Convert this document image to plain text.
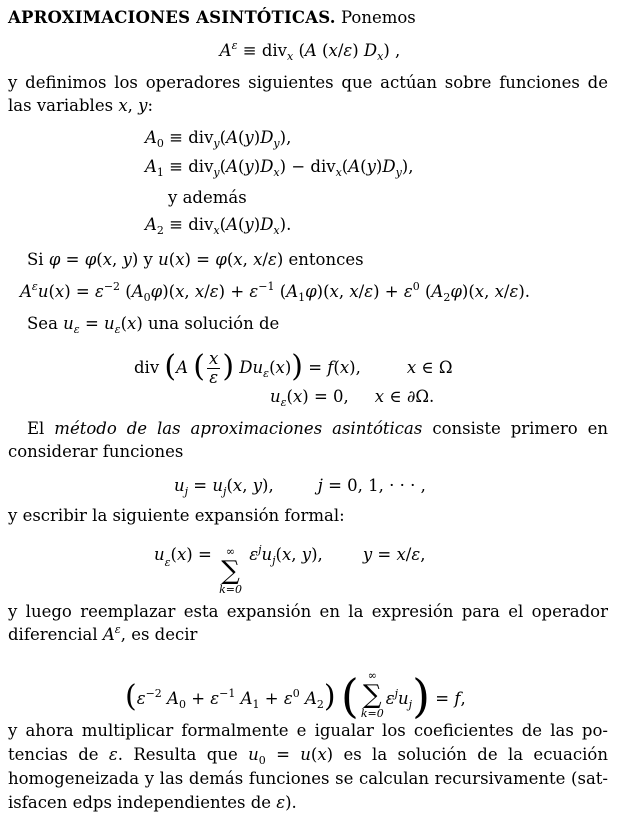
APROXIMACIONES ASINTÓTICAS. Ponemos
$A^\varepsilon \equiv div_x$ (A (x/ε) $D_x$) ,
y definimos los operadores siguientes que actúan sobre funciones de
las variables x, y:
$A_0 \equiv div_y(A(y)D_y)$,
$A_1 \equiv div_y(A(y)D_x) - div_x(A(y)D_y)$,
y además
$A_2 \equiv div_x(A(y)D_x)$.
Si φ = φ(x, y) y u(x) = φ(x, x/ε) entonces
$A^\varepsilon u(x) = \varepsilon^{-2}$ $(A_0\varphi)(x$, $x/\varepsilon) + \varepsilon^{-1}$ $(A_1\varphi)(x$, $x/\varepsilon) + \varepsilon^0$ $(A_2\varphi)(x$, x/ε).
Sea $u_\varepsilon = u_\varepsilon(x)$ una solución de
div (A ( $\frac{x}{\varepsilon}$ ) $Du_\varepsilon(x)) = f(x)$,	x ∈ Ω
$u_\varepsilon(x) = 0$, x ∈ ∂Ω.
El método de las aproximaciones asintóticas consiste primero en
considerar funciones
$u_j = u_j(x$, y),	j = 0, 1, · · · ,
y escribir la siguiente expansión formal:
$u_\varepsilon(x)$ = ∞
∑
k=0
$\varepsilon^ju_j(x$, y), y = x/ε,
y luego reemplazar esta expansión en la expresión para el operador
diferencial $A^\varepsilon$, es decir
($\varepsilon^{-2}$ $A_0 + \varepsilon^{-1}$ $A_1 + \varepsilon^0$ $A_2$) ( ∞
∑
k=0
$\varepsilon^ju_j) = f$,
y ahora multiplicar formalmente e igualar los coeficientes de las po-
tencias de ε. Resulta que $u_0 = u(x)$ es la solución de la ecuación
homogeneizada y las demás funciones se calculan recursivamente (sat-
isfacen edps independientes de ε).
